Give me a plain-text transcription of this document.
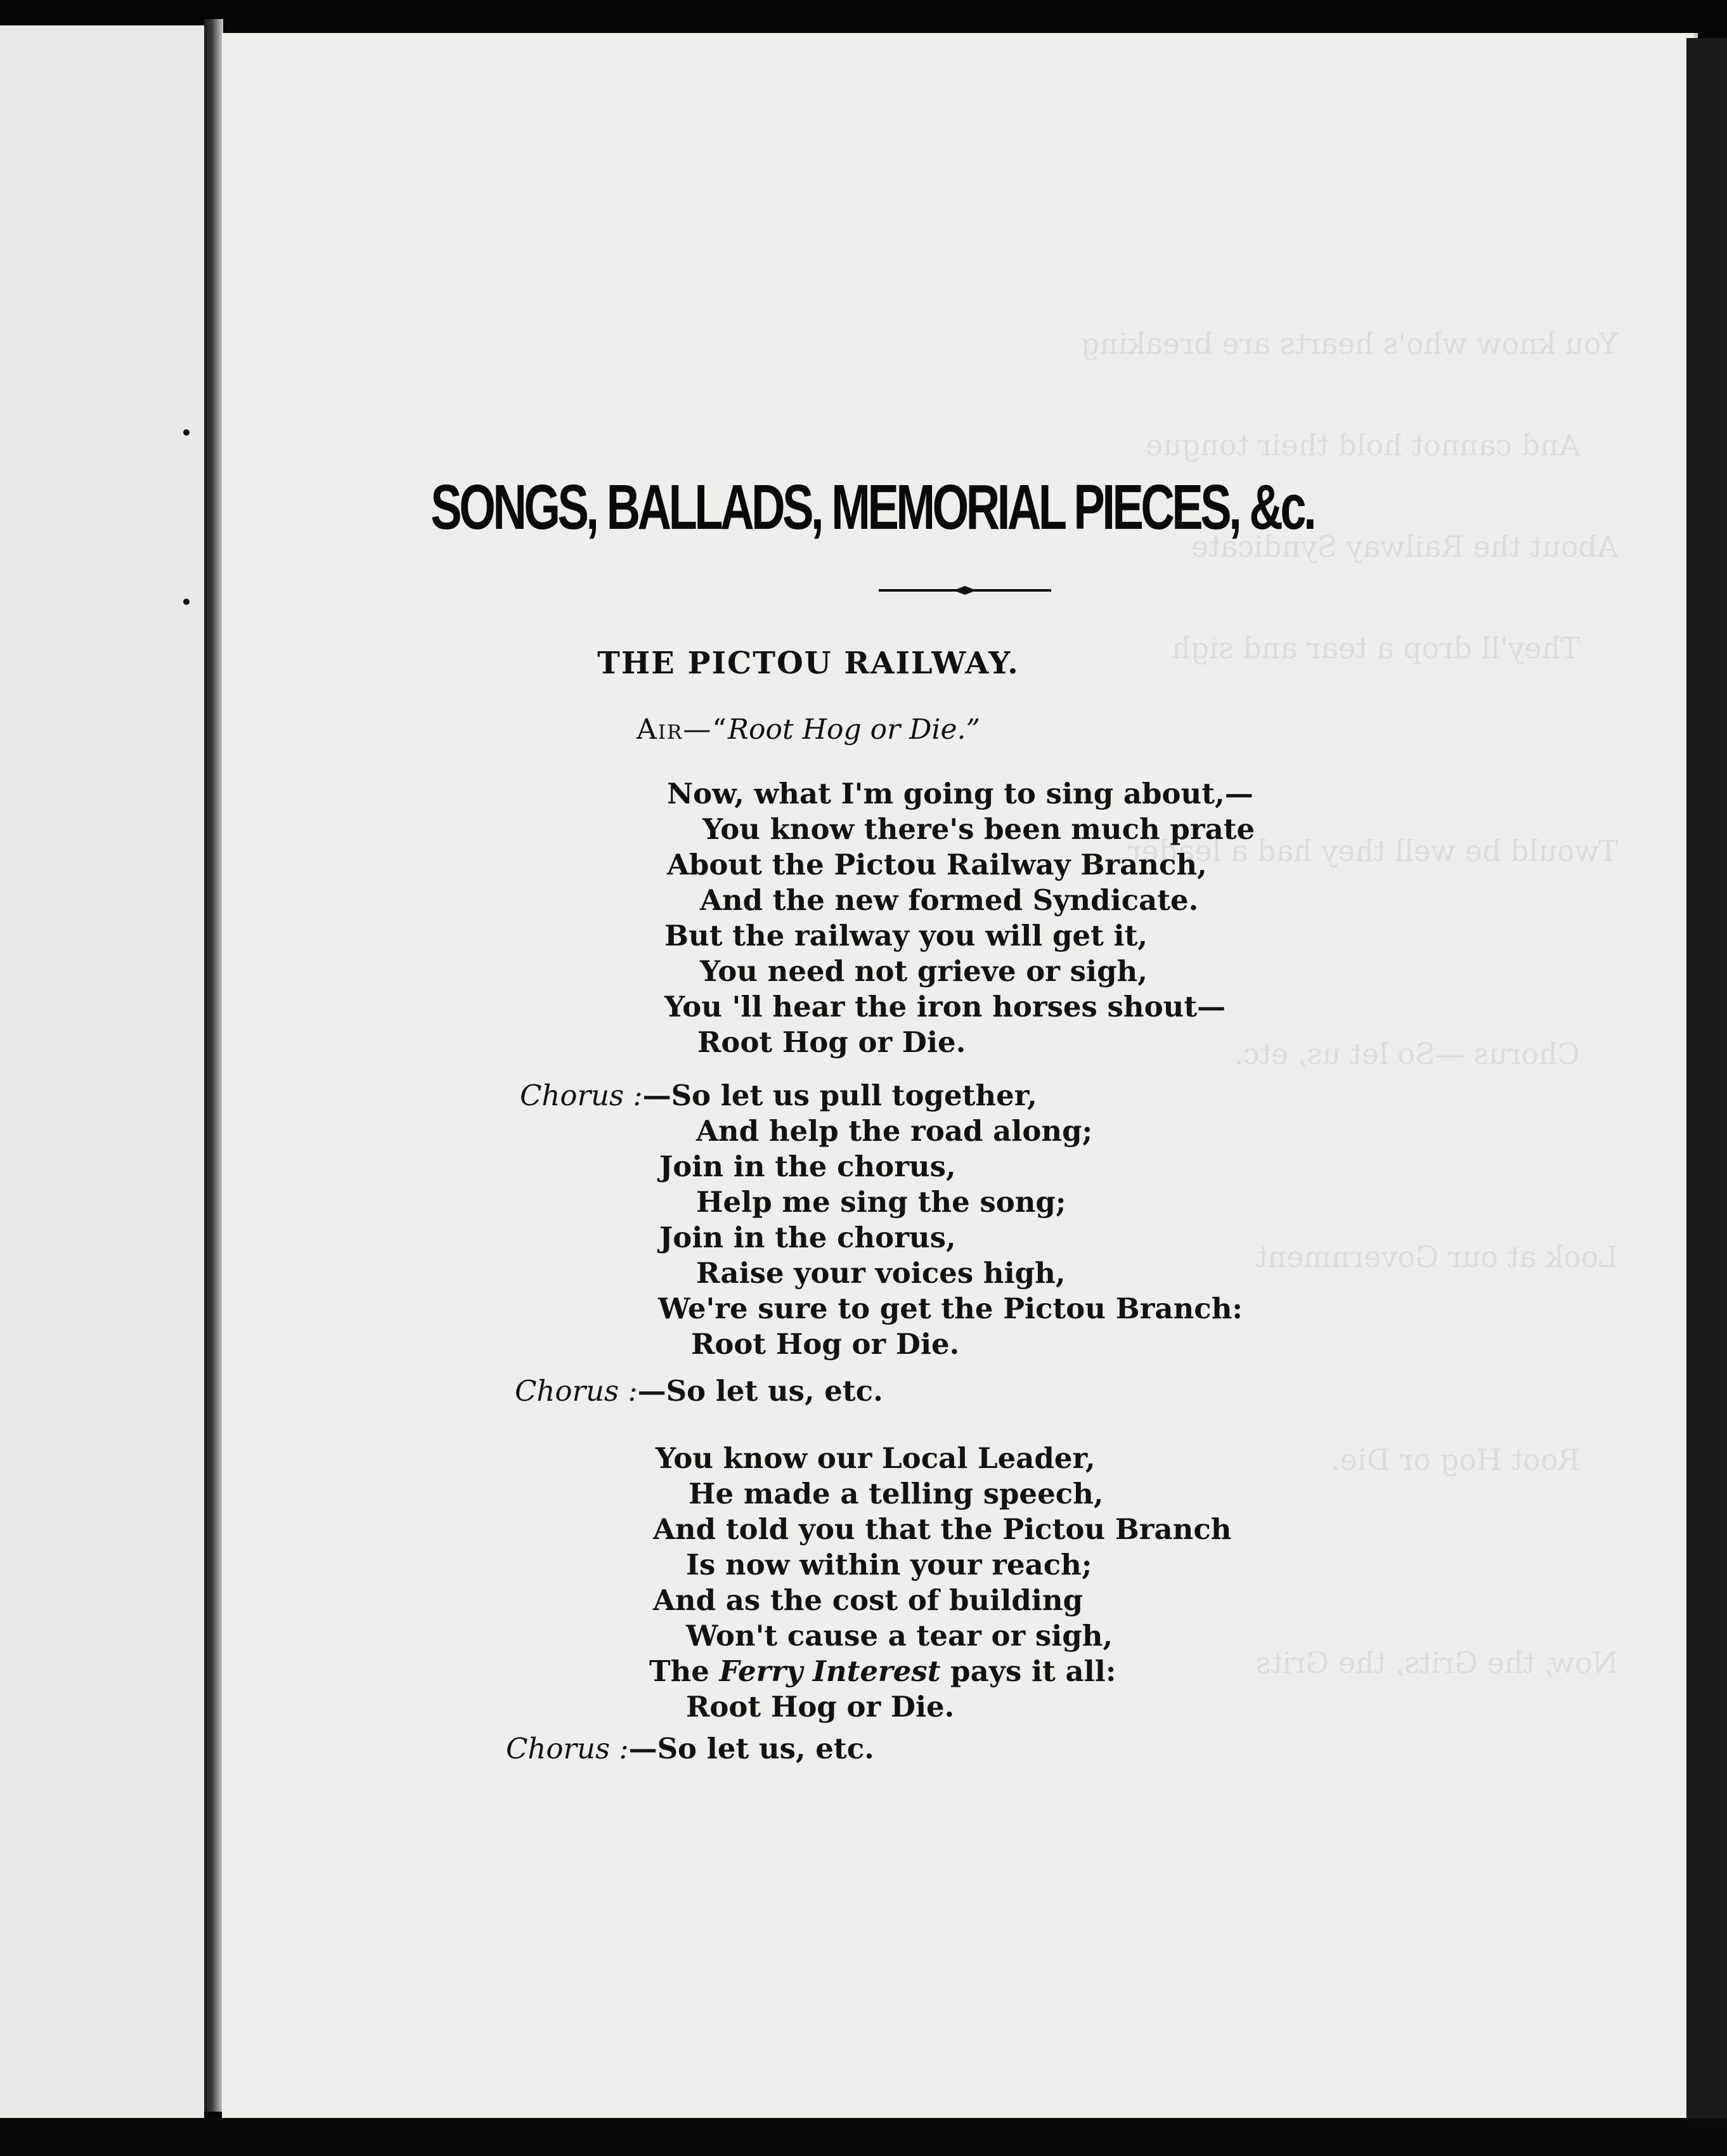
You know who's hearts are breaking
And cannot hold their tongue
About the Railway Syndicate
They'll drop a tear and sigh
Twould be well they had a leader
Chorus —So let us, etc.
Look at our Government
Root Hog or Die.
Now, the Grits, the Grits
SONGS, BALLADS, MEMORIAL PIECES, &c.
THE PICTOU RAILWAY.
Air—“Root Hog or Die.”
Now, what I'm going to sing about,—
You know there's been much prate
About the Pictou Railway Branch,
And the new formed Syndicate.
But the railway you will get it,
You need not grieve or sigh,
You 'll hear the iron horses shout—
Root Hog or Die.
Chorus :—So let us pull together,
And help the road along;
Join in the chorus,
Help me sing the song;
Join in the chorus,
Raise your voices high,
We're sure to get the Pictou Branch:
Root Hog or Die.
Chorus :—So let us, etc.
You know our Local Leader,
He made a telling speech,
And told you that the Pictou Branch
Is now within your reach;
And as the cost of building
Won't cause a tear or sigh,
The Ferry Interest pays it all:
Root Hog or Die.
Chorus :—So let us, etc.
